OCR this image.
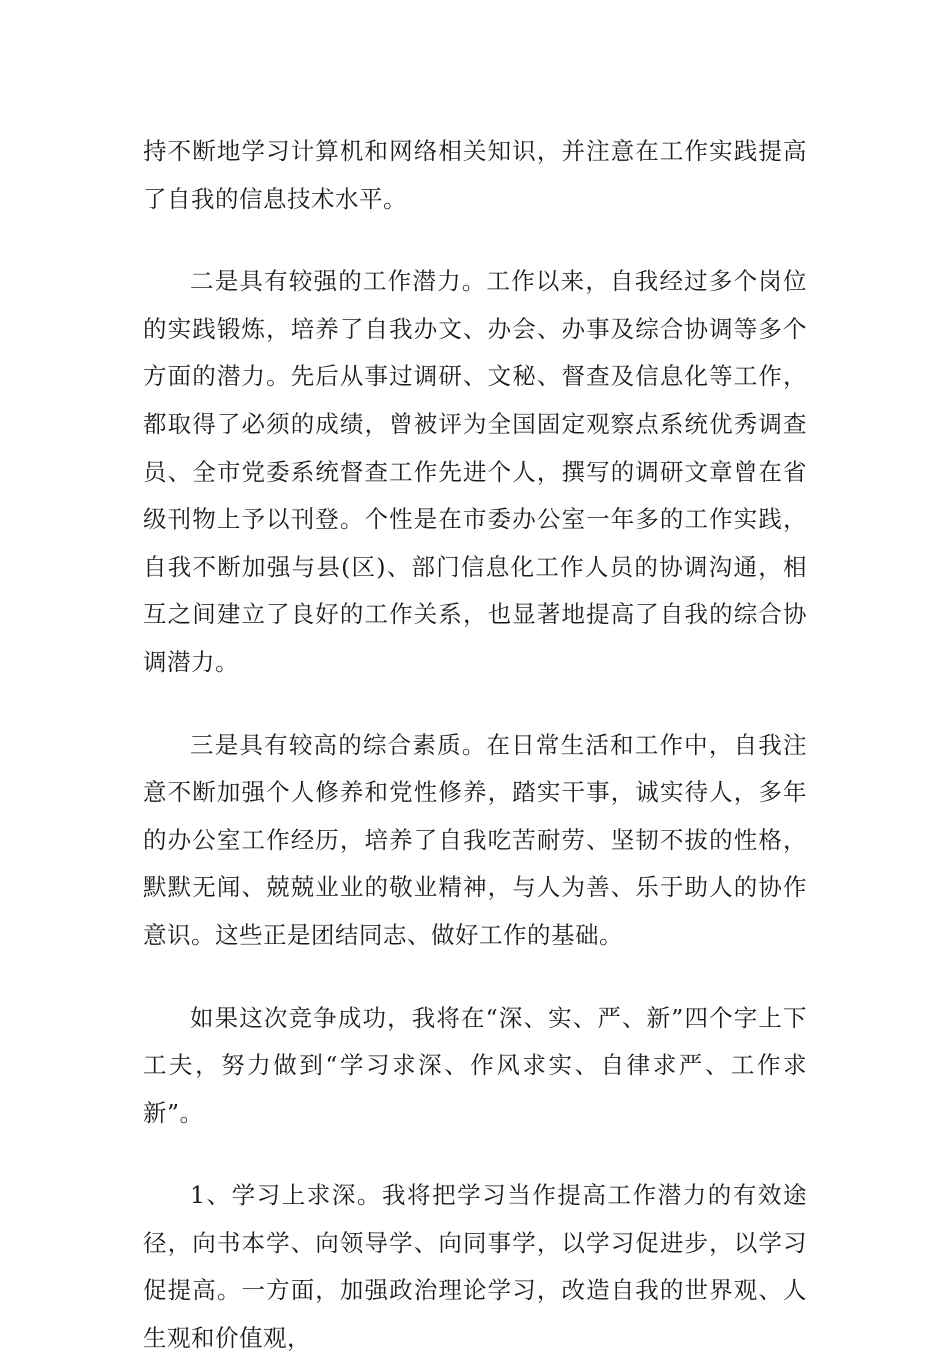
持不断地学习计算机和网络相关知识，并注意在工作实践提高了自我的信息技术水平。

二是具有较强的工作潜力。工作以来，自我经过多个岗位的实践锻炼，培养了自我办文、办会、办事及综合协调等多个方面的潜力。先后从事过调研、文秘、督查及信息化等工作，都取得了必须的成绩，曾被评为全国固定观察点系统优秀调查员、全市党委系统督查工作先进个人，撰写的调研文章曾在省级刊物上予以刊登。个性是在市委办公室一年多的工作实践，自我不断加强与县(区)、部门信息化工作人员的协调沟通，相互之间建立了良好的工作关系，也显著地提高了自我的综合协调潜力。

三是具有较高的综合素质。在日常生活和工作中，自我注意不断加强个人修养和党性修养，踏实干事，诚实待人，多年的办公室工作经历，培养了自我吃苦耐劳、坚韧不拔的性格，默默无闻、兢兢业业的敬业精神，与人为善、乐于助人的协作意识。这些正是团结同志、做好工作的基础。

如果这次竞争成功，我将在“深、实、严、新”四个字上下工夫，努力做到“学习求深、作风求实、自律求严、工作求新”。

1、学习上求深。我将把学习当作提高工作潜力的有效途径，向书本学、向领导学、向同事学，以学习促进步，以学习促提高。一方面，加强政治理论学习，改造自我的世界观、人生观和价值观，
